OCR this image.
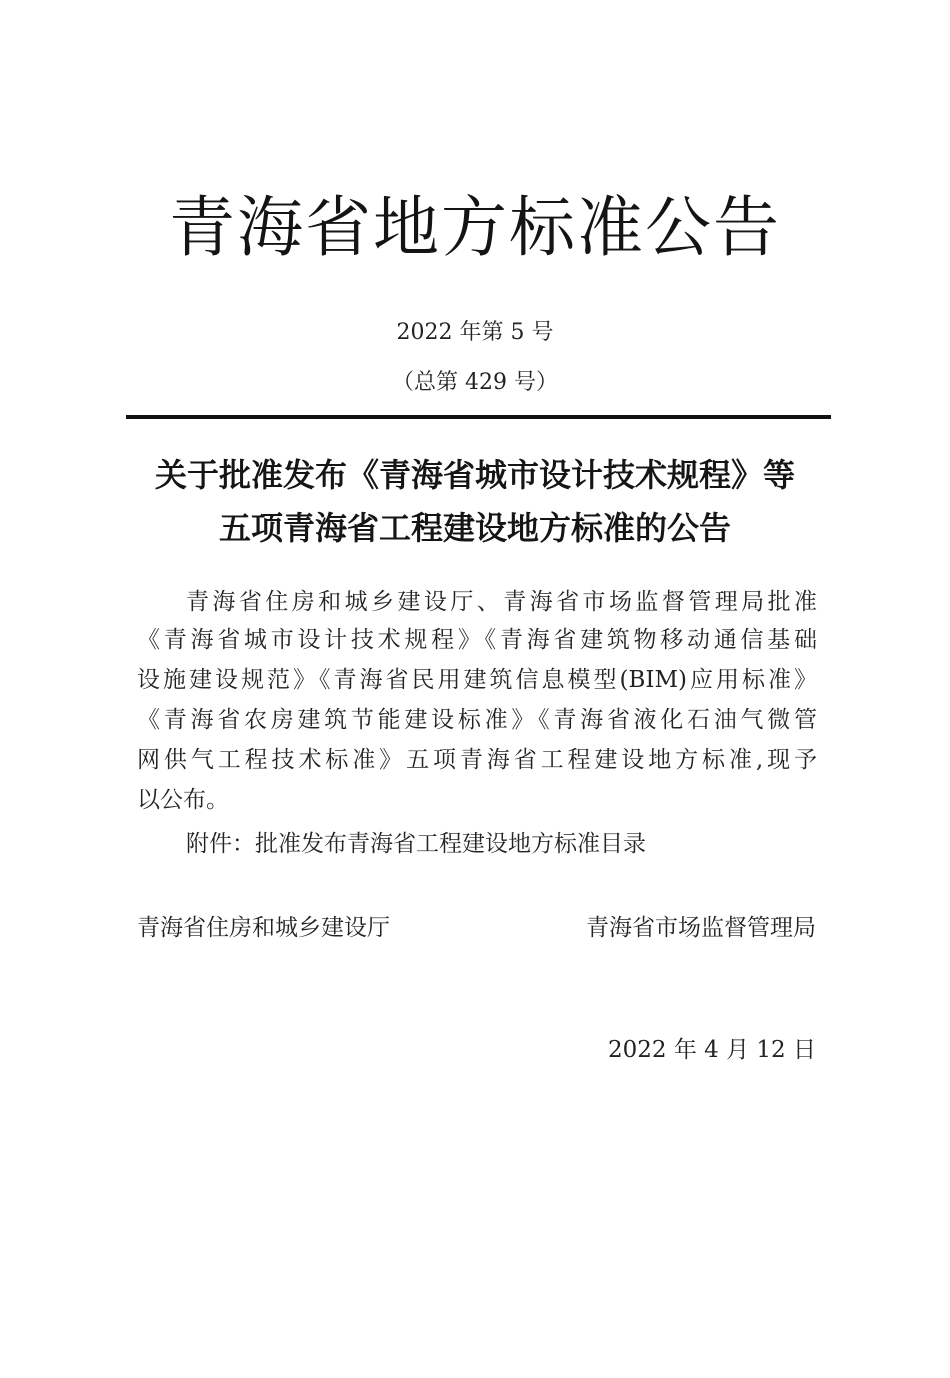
青海省地方标准公告
2022 年第 5 号
（总第 429 号）
关于批准发布《青海省城市设计技术规程》等
五项青海省工程建设地方标准的公告
青海省住房和城乡建设厅、青海省市场监督管理局批准
《青海省城市设计技术规程》《青海省建筑物移动通信基础
设施建设规范》《青海省民用建筑信息模型(BIM)应用标准》
《青海省农房建筑节能建设标准》《青海省液化石油气微管
网供气工程技术标准》五项青海省工程建设地方标准,现予
以公布。
附件：批准发布青海省工程建设地方标准目录
青海省住房和城乡建设厅	青海省市场监督管理局
2022 年 4 月 12 日
